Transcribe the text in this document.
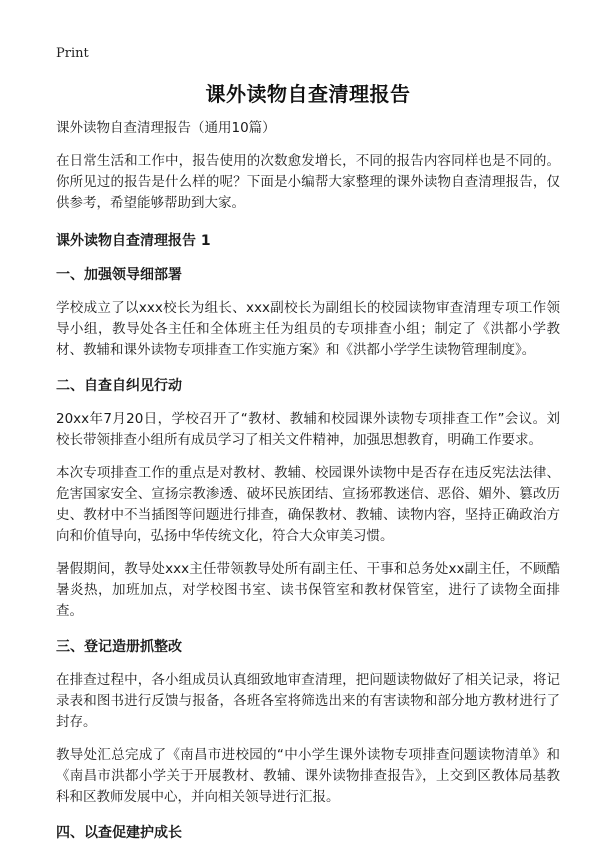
Print
课外读物自查清理报告

课外读物自查清理报告（通用10篇）

在日常生活和工作中，报告使用的次数愈发增长，不同的报告内容同样也是不同的。你所见过的报告是什么样的呢？下面是小编帮大家整理的课外读物自查清理报告，仅供参考，希望能够帮助到大家。

课外读物自查清理报告 1
一、加强领导细部署

学校成立了以xxx校长为组长、xxx副校长为副组长的校园读物审查清理专项工作领导小组，教导处各主任和全体班主任为组员的专项排查小组；制定了《洪都小学教材、教辅和课外读物专项排查工作实施方案》和《洪都小学学生读物管理制度》。

二、自查自纠见行动

20xx年7月20日，学校召开了“教材、教辅和校园课外读物专项排查工作”会议。刘校长带领排查小组所有成员学习了相关文件精神，加强思想教育，明确工作要求。

本次专项排查工作的重点是对教材、教辅、校园课外读物中是否存在违反宪法法律、危害国家安全、宣扬宗教渗透、破坏民族团结、宣扬邪教迷信、恶俗、媚外、篡改历史、教材中不当插图等问题进行排查，确保教材、教辅、读物内容，坚持正确政治方向和价值导向，弘扬中华传统文化，符合大众审美习惯。

暑假期间，教导处xxx主任带领教导处所有副主任、干事和总务处xx副主任，不顾酷暑炎热，加班加点，对学校图书室、读书保管室和教材保管室，进行了读物全面排查。

三、登记造册抓整改

在排查过程中，各小组成员认真细致地审查清理，把问题读物做好了相关记录，将记录表和图书进行反馈与报备，各班各室将筛选出来的有害读物和部分地方教材进行了封存。

教导处汇总完成了《南昌市进校园的“中小学生课外读物专项排查问题读物清单》和《南昌市洪都小学关于开展教材、教辅、课外读物排查报告》，上交到区教体局基教科和区教师发展中心，并向相关领导进行汇报。

四、以查促建护成长
